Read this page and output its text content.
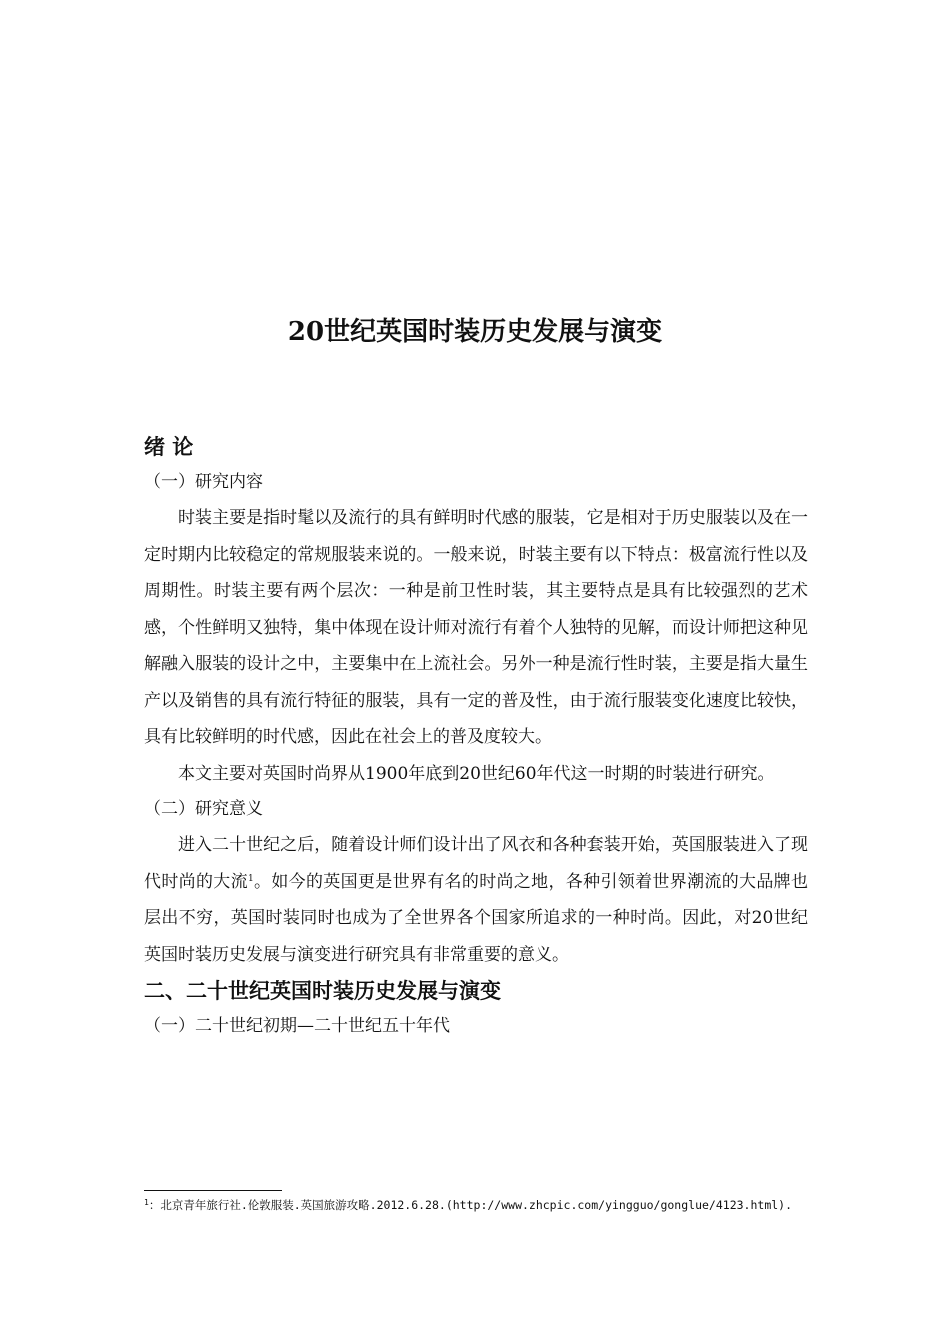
20世纪英国时装历史发展与演变

绪 论

（一）研究内容

时装主要是指时髦以及流行的具有鲜明时代感的服装，它是相对于历史服装以及在一定时期内比较稳定的常规服装来说的。一般来说，时装主要有以下特点：极富流行性以及周期性。时装主要有两个层次：一种是前卫性时装，其主要特点是具有比较强烈的艺术感，个性鲜明又独特，集中体现在设计师对流行有着个人独特的见解，而设计师把这种见解融入服装的设计之中，主要集中在上流社会。另外一种是流行性时装，主要是指大量生产以及销售的具有流行特征的服装，具有一定的普及性，由于流行服装变化速度比较快，具有比较鲜明的时代感，因此在社会上的普及度较大。

本文主要对英国时尚界从1900年底到20世纪60年代这一时期的时装进行研究。

（二）研究意义

进入二十世纪之后，随着设计师们设计出了风衣和各种套装开始，英国服装进入了现代时尚的大流$^1$。如今的英国更是世界有名的时尚之地，各种引领着世界潮流的大品牌也层出不穷，英国时装同时也成为了全世界各个国家所追求的一种时尚。因此，对20世纪英国时装历史发展与演变进行研究具有非常重要的意义。

二、二十世纪英国时装历史发展与演变

（一）二十世纪初期—二十世纪五十年代

$^1$：北京青年旅行社.伦敦服装.英国旅游攻略.2012.6.28.(http://www.zhcpic.com/yingguo/gonglue/4123.html).
